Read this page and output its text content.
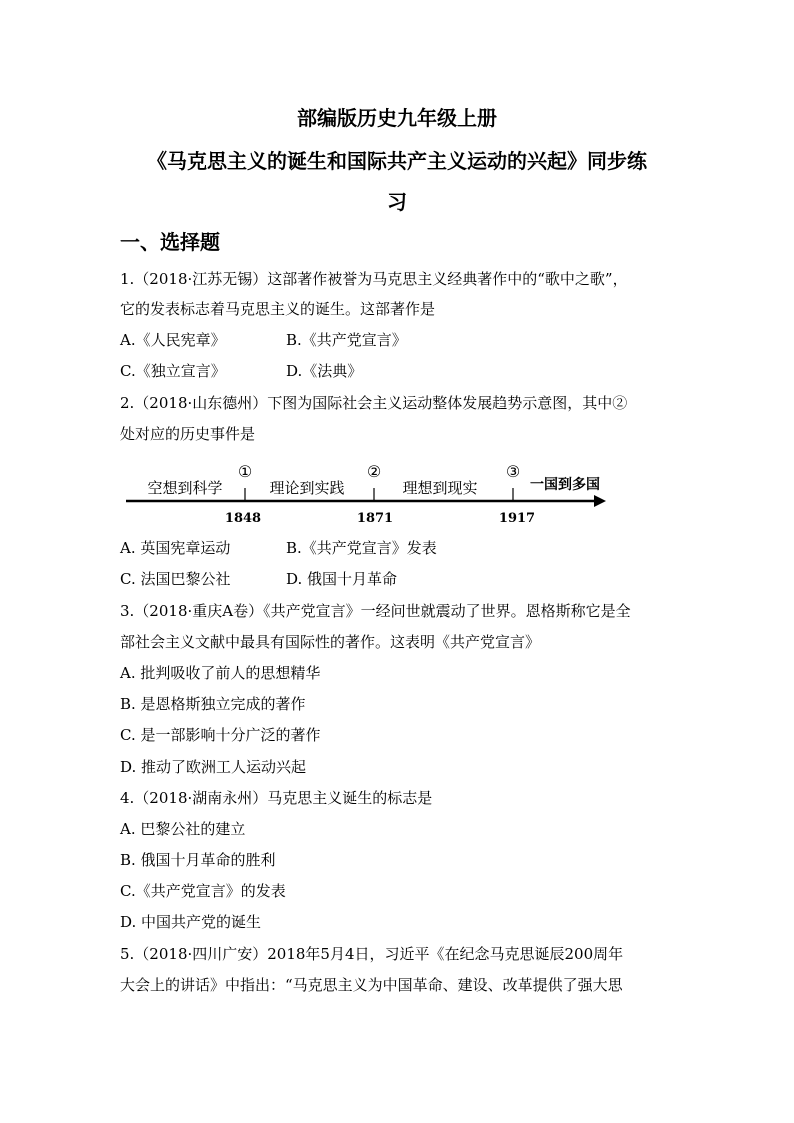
部编版历史九年级上册
《马克思主义的诞生和国际共产主义运动的兴起》同步练
习
一、选择题
1.（2018·江苏无锡）这部著作被誉为马克思主义经典著作中的“歌中之歌”，
它的发表标志着马克思主义的诞生。这部著作是
A.《人民宪章》	B.《共产党宣言》
C.《独立宣言》	D.《法典》
2.（2018·山东德州）下图为国际社会主义运动整体发展趋势示意图，其中②
处对应的历史事件是
空想到科学	理论到实践	理想到现实	一国到多国
①	②	③
1848	1871	1917
A. 英国宪章运动	B.《共产党宣言》发表
C. 法国巴黎公社	D. 俄国十月革命
3.（2018·重庆A卷）《共产党宣言》一经问世就震动了世界。恩格斯称它是全
部社会主义文献中最具有国际性的著作。这表明《共产党宣言》
A. 批判吸收了前人的思想精华
B. 是恩格斯独立完成的著作
C. 是一部影响十分广泛的著作
D. 推动了欧洲工人运动兴起
4.（2018·湖南永州）马克思主义诞生的标志是
A. 巴黎公社的建立
B. 俄国十月革命的胜利
C.《共产党宣言》的发表
D. 中国共产党的诞生
5.（2018·四川广安）2018年5月4日，习近平《在纪念马克思诞辰200周年
大会上的讲话》中指出：“马克思主义为中国革命、建设、改革提供了强大思
